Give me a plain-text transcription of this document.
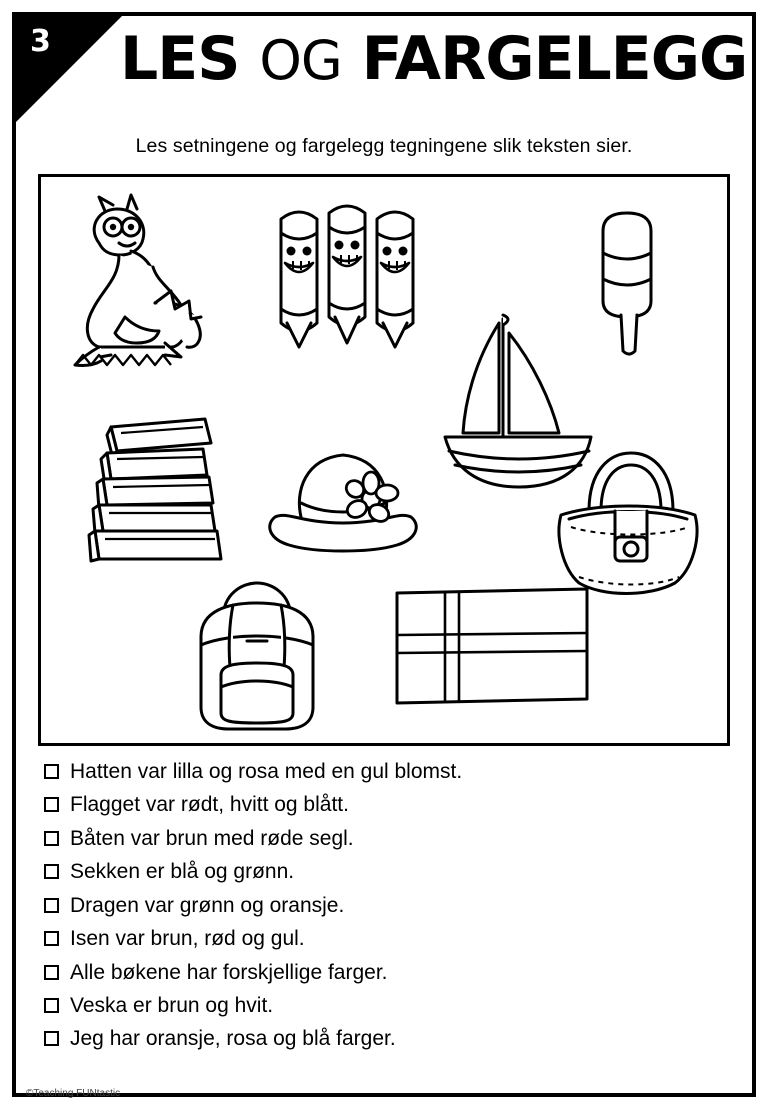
3 LES OG FARGELEGG
Les setningene og fargelegg tegningene slik teksten sier.
Hatten var lilla og rosa med en gul blomst.
Flagget var rødt, hvitt og blått.
Båten var brun med røde segl.
Sekken er blå og grønn.
Dragen var grønn og oransje.
Isen var brun, rød og gul.
Alle bøkene har forskjellige farger.
Veska er brun og hvit.
Jeg har oransje, rosa og blå farger.
©Teaching FUNtastic
